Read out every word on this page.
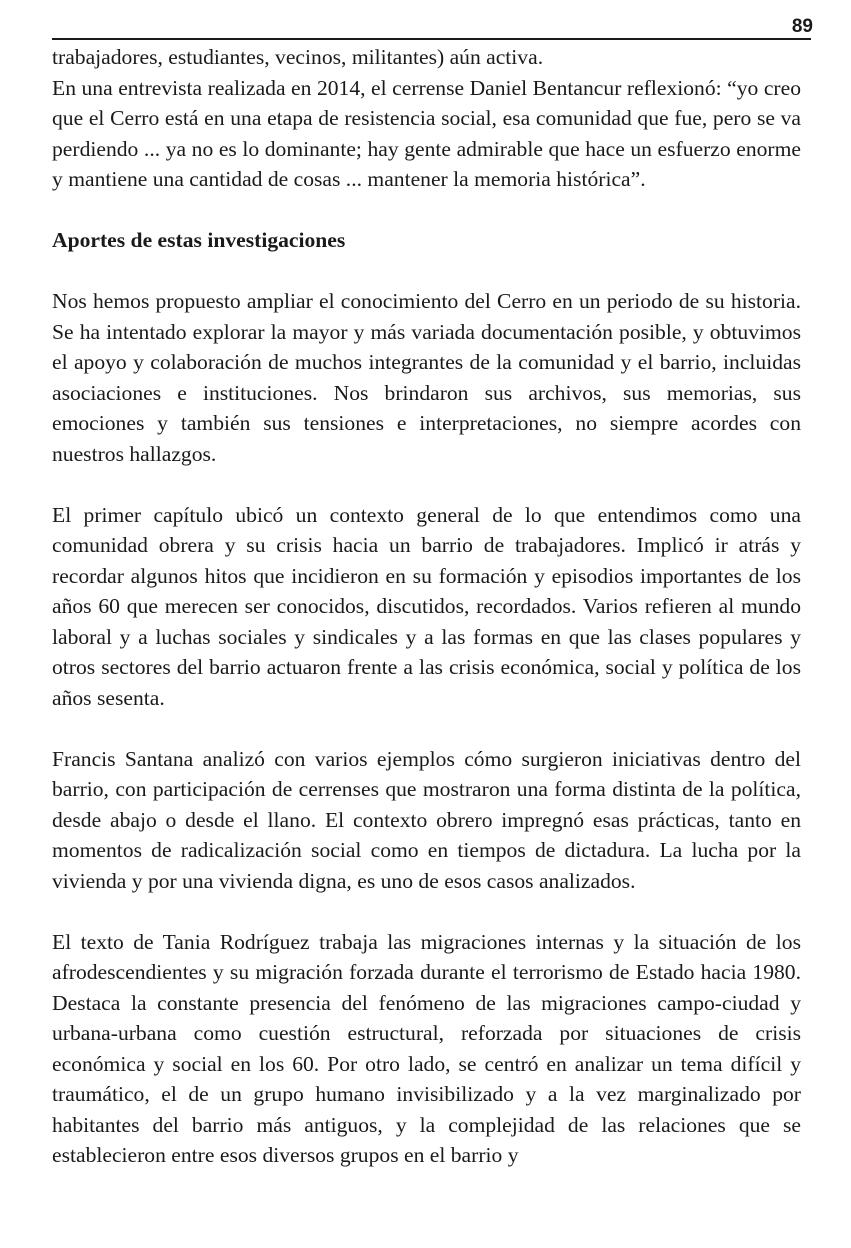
89

trabajadores, estudiantes, vecinos, militantes) aún activa.

En una entrevista realizada en 2014, el cerrense Daniel Bentancur reflexionó: “yo creo que el Cerro está en una etapa de resistencia social, esa comunidad que fue, pero se va perdiendo ... ya no es lo dominante; hay gente admirable que hace un esfuerzo enorme y mantiene una cantidad de cosas ... mantener la memoria histórica”.

Aportes de estas investigaciones

Nos hemos propuesto ampliar el conocimiento del Cerro en un periodo de su historia. Se ha intentado explorar la mayor y más variada documentación posible, y obtuvimos el apoyo y colaboración de muchos integrantes de la comunidad y el barrio, incluidas asociaciones e instituciones. Nos brindaron sus archivos, sus memorias, sus emociones y también sus tensiones e interpretaciones, no siempre acordes con nuestros hallazgos.

El primer capítulo ubicó un contexto general de lo que entendimos como una comunidad obrera y su crisis hacia un barrio de trabajadores. Implicó ir atrás y recordar algunos hitos que incidieron en su formación y episodios importantes de los años 60 que merecen ser conocidos, discutidos, recordados. Varios refieren al mundo laboral y a luchas sociales y sindicales y a las formas en que las clases populares y otros sectores del barrio actuaron frente a las crisis económica, social y política de los años sesenta.

Francis Santana analizó con varios ejemplos cómo surgieron iniciativas dentro del barrio, con participación de cerrenses que mostraron una forma distinta de la política, desde abajo o desde el llano. El contexto obrero impregnó esas prácticas, tanto en momentos de radicalización social como en tiempos de dictadura. La lucha por la vivienda y por una vivienda digna, es uno de esos casos analizados.

El texto de Tania Rodríguez trabaja las migraciones internas y la situación de los afrodescendientes y su migración forzada durante el terrorismo de Estado hacia 1980. Destaca la constante presencia del fenómeno de las migraciones campo-ciudad y urbana-urbana como cuestión estructural, reforzada por situaciones de crisis económica y social en los 60. Por otro lado, se centró en analizar un tema difícil y traumático, el de un grupo humano invisibilizado y a la vez marginalizado por habitantes del barrio más antiguos, y la complejidad de las relaciones que se establecieron entre esos diversos grupos en el barrio y
